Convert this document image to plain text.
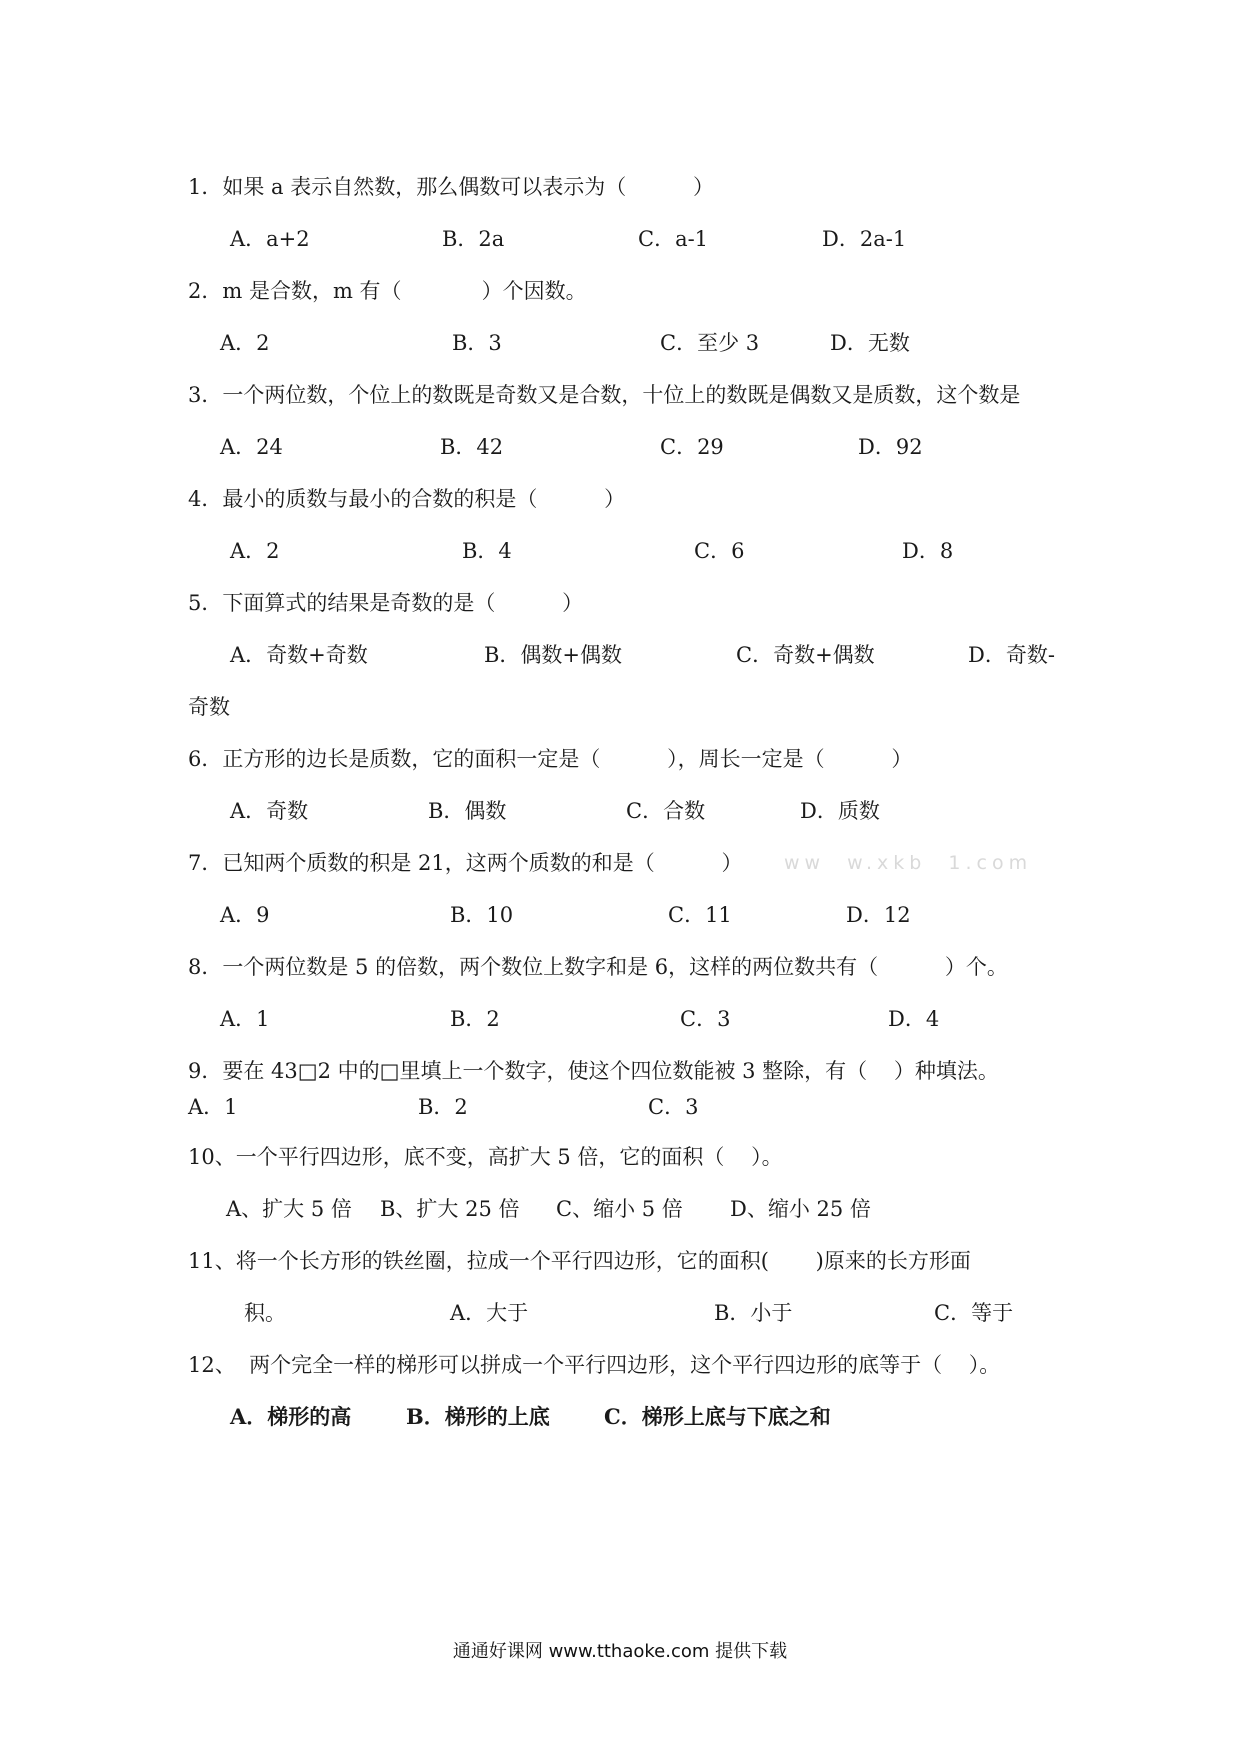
1．如果 a 表示自然数，那么偶数可以表示为（          ）
A．a+2	B．2a	C．a-1	D．2a-1
2．m 是合数，m 有（            ）个因数。
A．2	B．3	C．至少 3	D．无数
3．一个两位数，个位上的数既是奇数又是合数，十位上的数既是偶数又是质数，这个数是
A．24	B．42	C．29	D．92
4．最小的质数与最小的合数的积是（          ）
A．2	B．4	C．6	D．8
5．下面算式的结果是奇数的是（          ）
A．奇数+奇数	B．偶数+偶数	C．奇数+偶数	D．奇数-
奇数
6．正方形的边长是质数，它的面积一定是（          ），周长一定是（          ）
A．奇数	B．偶数	C．合数	D．质数
7．已知两个质数的积是 21，这两个质数的和是（          ） ww  w.xkb  1.com
A．9	B．10	C．11	D．12
8．一个两位数是 5 的倍数，两个数位上数字和是 6，这样的两位数共有（          ）个。
A．1	B．2	C．3	D．4
9．要在 43□2 中的□里填上一个数字，使这个四位数能被 3 整除，有（    ）种填法。
A．1	B．2	C．3
10、一个平行四边形，底不变，高扩大 5 倍，它的面积（    ）。
A、扩大 5 倍 B、扩大 25 倍 C、缩小 5 倍 D、缩小 25 倍
11、将一个长方形的铁丝圈，拉成一个平行四边形，它的面积(       )原来的长方形面
积。	A．大于	B．小于	C．等于
12、  两个完全一样的梯形可以拼成一个平行四边形，这个平行四边形的底等于（    ）。
A．梯形的高	B．梯形的上底	C．梯形上底与下底之和
通通好课网 www.tthaoke.com 提供下载
